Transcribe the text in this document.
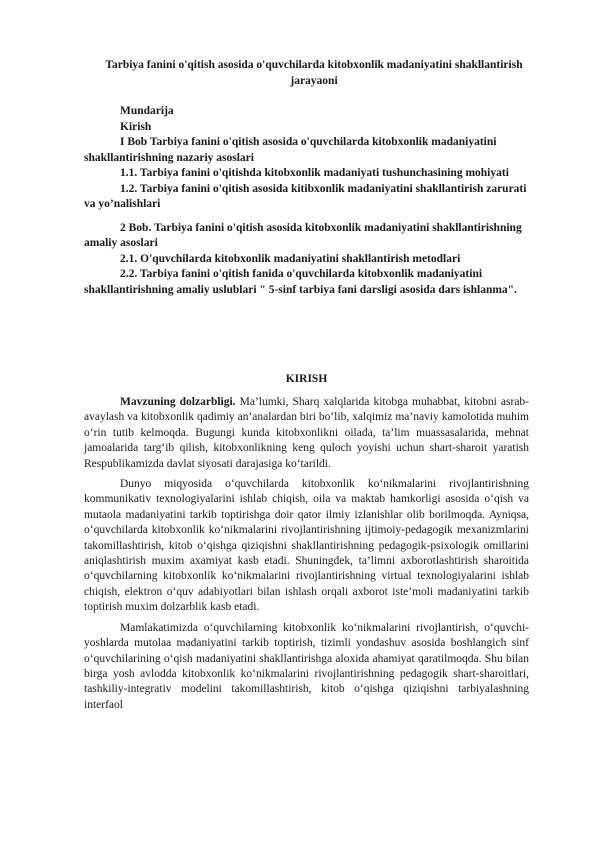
Tarbiya fanini o'qitish asosida o'quvchilarda kitobxonlik madaniyatini shakllantirish jarayaoni

Mundarija

Kirish

I Bob Tarbiya fanini o'qitish asosida o'quvchilarda kitobxonlik madaniyatini shakllantirishning nazariy asoslari

1.1. Tarbiya fanini o'qitishda kitobxonlik madaniyati tushunchasining mohiyati

1.2. Tarbiya fanini o'qitish asosida kitibxonlik madaniyatini shakllantirish zarurati va yo’nalishlari

2 Bob. Tarbiya fanini o'qitish asosida kitobxonlik madaniyatini shakllantirishning amaliy asoslari

2.1. O'quvchilarda kitobxonlik madaniyatini shakllantirish metodlari

2.2. Tarbiya fanini o'qitish fanida o'quvchilarda kitobxonlik madaniyatini shakllantirishning amaliy uslublari " 5-sinf tarbiya fani darsligi asosida dars ishlanma".

KIRISH

Mavzuning dolzarbligi. Ma’lumki, Sharq xalqlarida kitobga muhabbat, kitobni asrab-avaylash va kitobxonlik qadimiy an’analardan biri bo‘lib, xalqimiz ma’naviy kamolotida muhim o‘rin tutib kelmoqda. Bugungi kunda kitobxonlikni oilada, ta’lim muassasalarida, mehnat jamoalarida targ‘ib qilish, kitobxonlikning keng quloch yoyishi uchun shart-sharoit yaratish Respublikamizda davlat siyosati darajasiga ko‘tarildi.

Dunyo miqyosida o‘quvchilarda kitobxonlik ko‘nikmalarini rivojlantirishning kommunikativ texnologiyalarini ishlab chiqish, oila va maktab hamkorligi asosida o‘qish va mutaola madaniyatini tarkib toptirishga doir qator ilmiy izlanishlar olib borilmoqda. Ayniqsa, o‘quvchilarda kitobxonlik ko‘nikmalarini rivojlantirishning ijtimoiy-pedagogik mexanizmlarini takomillashtirish, kitob o‘qishga qiziqishni shakllantirishning pedagogik-psixologik omillarini aniqlashtirish muxim axamiyat kasb etadi. Shuningdek, ta’limni axborotlashtirish sharoitida o‘quvchilarning kitobxonlik ko‘nikmalarini rivojlantirishning virtual texnologiyalarini ishlab chiqish, elektron o‘quv adabiyotlari bilan ishlash orqali axborot iste’moli madaniyatini tarkib toptirish muxim dolzarblik kasb etadi.

Mamlakatimizda o‘quvchilarning kitobxonlik ko‘nikmalarini rivojlantirish, o‘quvchi-yoshlarda mutolaa madaniyatini tarkib toptirish, tizimli yondashuv asosida boshlangich sinf o‘quvchilarining o‘qish madaniyatini shakllantirishga aloxida ahamiyat qaratilmoqda. Shu bilan birga yosh avlodda kitobxonlik ko‘nikmalarini rivojlantirishning pedagogik shart-sharoitlari, tashkiliy-integrativ modelini takomillashtirish, kitob o‘qishga qiziqishni tarbiyalashning interfaol
